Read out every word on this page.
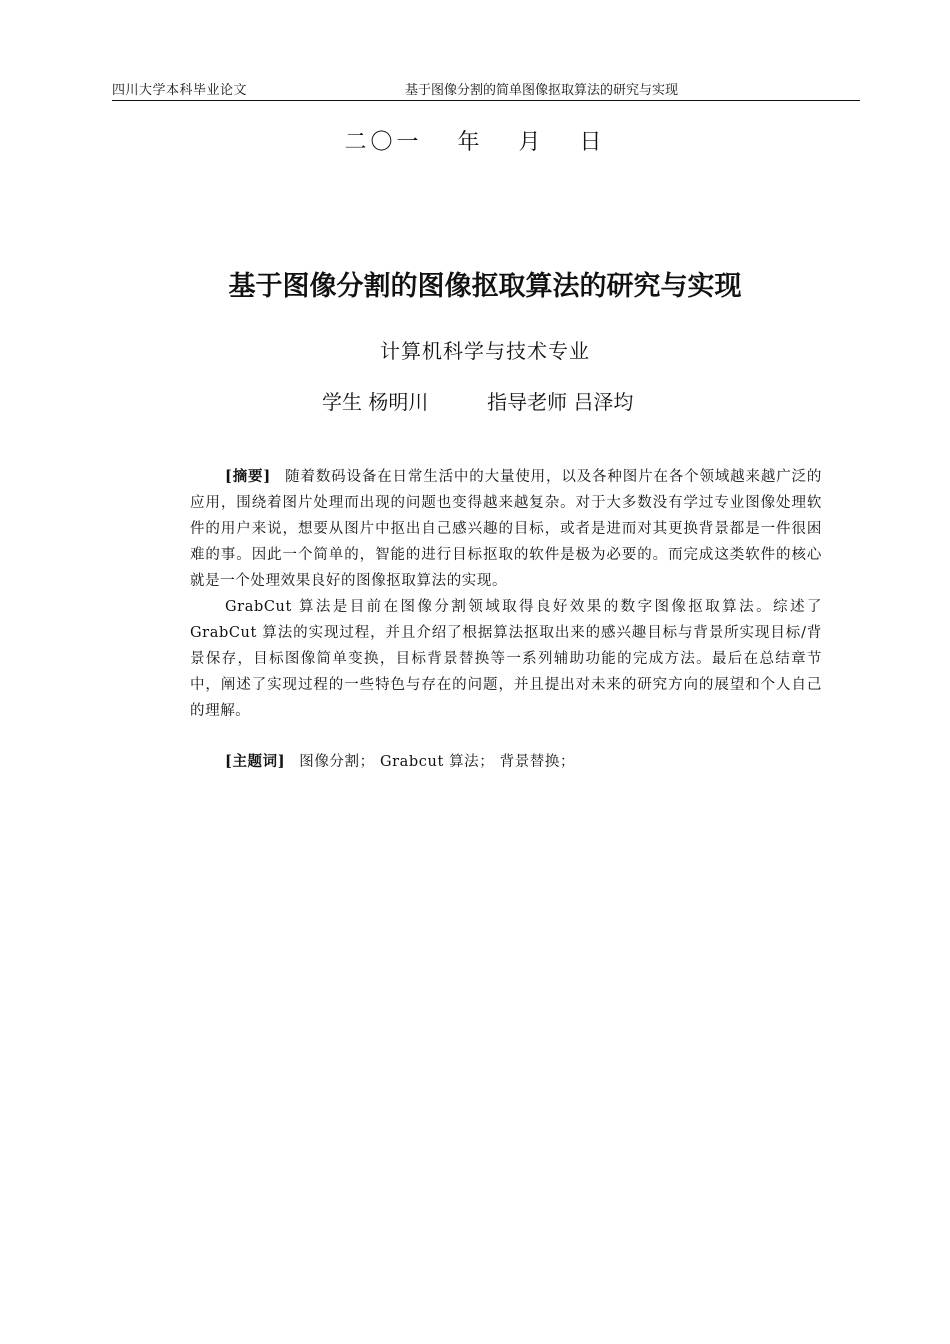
四川大学本科毕业论文	基于图像分割的简单图像抠取算法的研究与实现
二〇一 年 月 日
基于图像分割的图像抠取算法的研究与实现
计算机科学与技术专业
学生 杨明川	指导老师 吕泽均

[摘要] 随着数码设备在日常生活中的大量使用，以及各种图片在各个领域越来越广泛的应用，围绕着图片处理而出现的问题也变得越来越复杂。对于大多数没有学过专业图像处理软件的用户来说，想要从图片中抠出自己感兴趣的目标，或者是进而对其更换背景都是一件很困难的事。因此一个简单的，智能的进行目标抠取的软件是极为必要的。而完成这类软件的核心就是一个处理效果良好的图像抠取算法的实现。

GrabCut 算法是目前在图像分割领域取得良好效果的数字图像抠取算法。综述了 GrabCut 算法的实现过程，并且介绍了根据算法抠取出来的感兴趣目标与背景所实现目标/背景保存，目标图像简单变换，目标背景替换等一系列辅助功能的完成方法。最后在总结章节中，阐述了实现过程的一些特色与存在的问题，并且提出对未来的研究方向的展望和个人自己的理解。

[主题词] 图像分割； Grabcut 算法； 背景替换；
